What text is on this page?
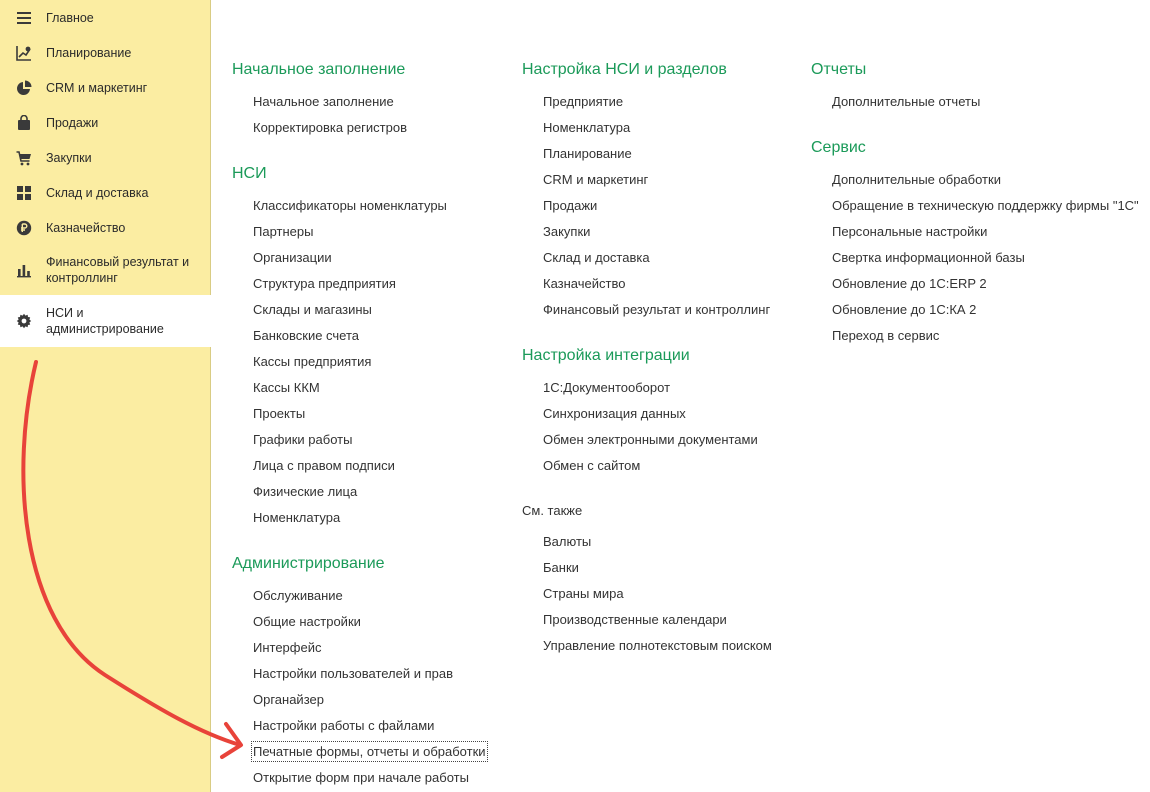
Главное
Планирование
CRM и маркетинг
Продажи
Закупки
Склад и доставка
Казначейство
Финансовый результат и контроллинг
НСИ и администрирование
Начальное заполнение
Начальное заполнение
Корректировка регистров
НСИ
Классификаторы номенклатуры
Партнеры
Организации
Структура предприятия
Склады и магазины
Банковские счета
Кассы предприятия
Кассы ККМ
Проекты
Графики работы
Лица с правом подписи
Физические лица
Номенклатура
Администрирование
Обслуживание
Общие настройки
Интерфейс
Настройки пользователей и прав
Органайзер
Настройки работы с файлами
Печатные формы, отчеты и обработки
Открытие форм при начале работы
Настройка НСИ и разделов
Предприятие
Номенклатура
Планирование
CRM и маркетинг
Продажи
Закупки
Склад и доставка
Казначейство
Финансовый результат и контроллинг
Настройка интеграции
1С:Документооборот
Синхронизация данных
Обмен электронными документами
Обмен с сайтом
См. также
Валюты
Банки
Страны мира
Производственные календари
Управление полнотекстовым поиском
Отчеты
Дополнительные отчеты
Сервис
Дополнительные обработки
Обращение в техническую поддержку фирмы "1С"
Персональные настройки
Свертка информационной базы
Обновление до 1С:ERP 2
Обновление до 1С:КА 2
Переход в сервис
